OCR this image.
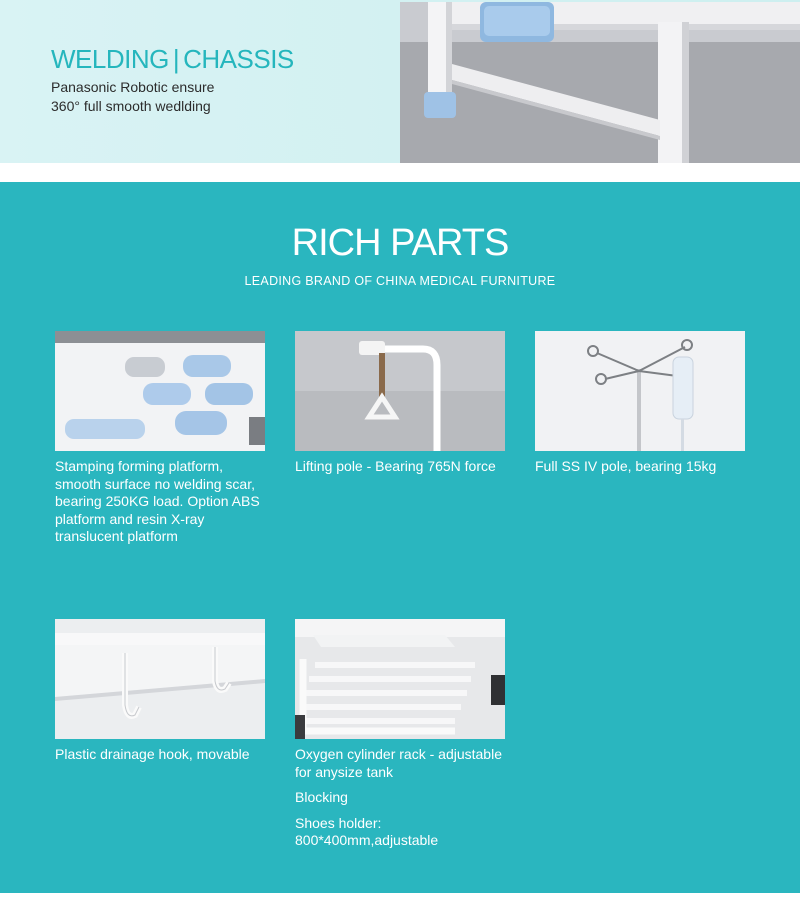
WELDING | CHASSIS
Panasonic Robotic ensure
360° full smooth wedlding
RICH PARTS
LEADING BRAND OF CHINA MEDICAL FURNITURE
Stamping forming platform, smooth surface no welding scar, bearing 250KG load. Option ABS platform and resin X-ray translucent platform
Lifting pole - Bearing 765N force	Full SS IV pole, bearing 15kg
Plastic drainage hook, movable	Oxygen cylinder rack - adjustable for anysize tank
Blocking
Shoes holder: 800*400mm,adjustable
